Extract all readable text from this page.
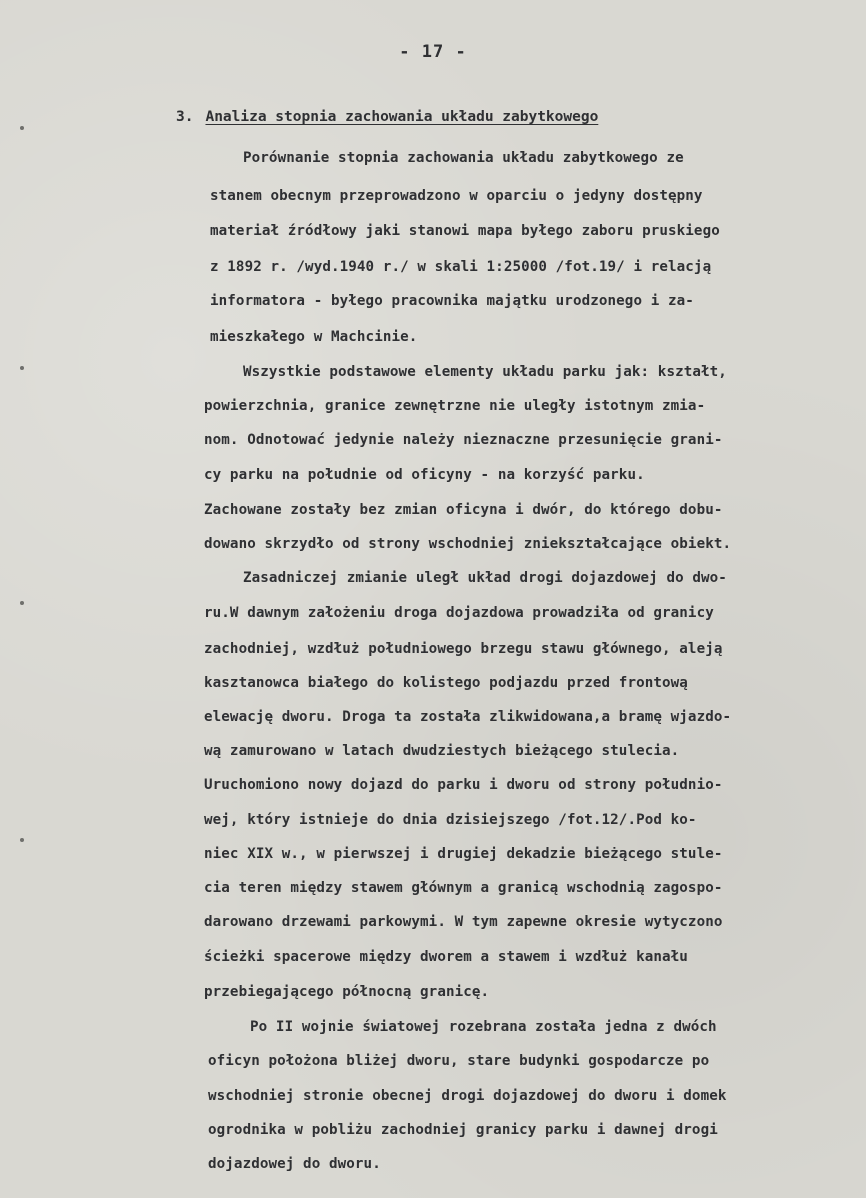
- 17 -
3. Analiza stopnia zachowania układu zabytkowego
Porównanie stopnia zachowania układu zabytkowego ze
stanem obecnym przeprowadzono w oparciu o jedyny dostępny
materiał źródłowy jaki stanowi mapa byłego zaboru pruskiego
z 1892 r. /wyd.1940 r./ w skali 1:25000 /fot.19/ i relacją
informatora - byłego pracownika majątku urodzonego i za-
mieszkałego w Machcinie.
Wszystkie podstawowe elementy układu parku jak: kształt,
powierzchnia, granice zewnętrzne nie uległy istotnym zmia-
nom. Odnotować jedynie należy nieznaczne przesunięcie grani-
cy parku na południe od oficyny - na korzyść parku.
Zachowane zostały bez zmian oficyna i dwór, do którego dobu-
dowano skrzydło od strony wschodniej zniekształcające obiekt.
Zasadniczej zmianie uległ układ drogi dojazdowej do dwo-
ru.W dawnym założeniu droga dojazdowa prowadziła od granicy
zachodniej, wzdłuż południowego brzegu stawu głównego, aleją
kasztanowca białego do kolistego podjazdu przed frontową
elewację dworu. Droga ta została zlikwidowana,a bramę wjazdo-
wą zamurowano w latach dwudziestych bieżącego stulecia.
Uruchomiono nowy dojazd do parku i dworu od strony południo-
wej, który istnieje do dnia dzisiejszego /fot.12/.Pod ko-
niec XIX w., w pierwszej i drugiej dekadzie bieżącego stule-
cia teren między stawem głównym a granicą wschodnią zagospo-
darowano drzewami parkowymi. W tym zapewne okresie wytyczono
ścieżki spacerowe między dworem a stawem i wzdłuż kanału
przebiegającego północną granicę.
Po II wojnie światowej rozebrana została jedna z dwóch
oficyn położona bliżej dworu, stare budynki gospodarcze po
wschodniej stronie obecnej drogi dojazdowej do dworu i domek
ogrodnika w pobliżu zachodniej granicy parku i dawnej drogi
dojazdowej do dworu.
